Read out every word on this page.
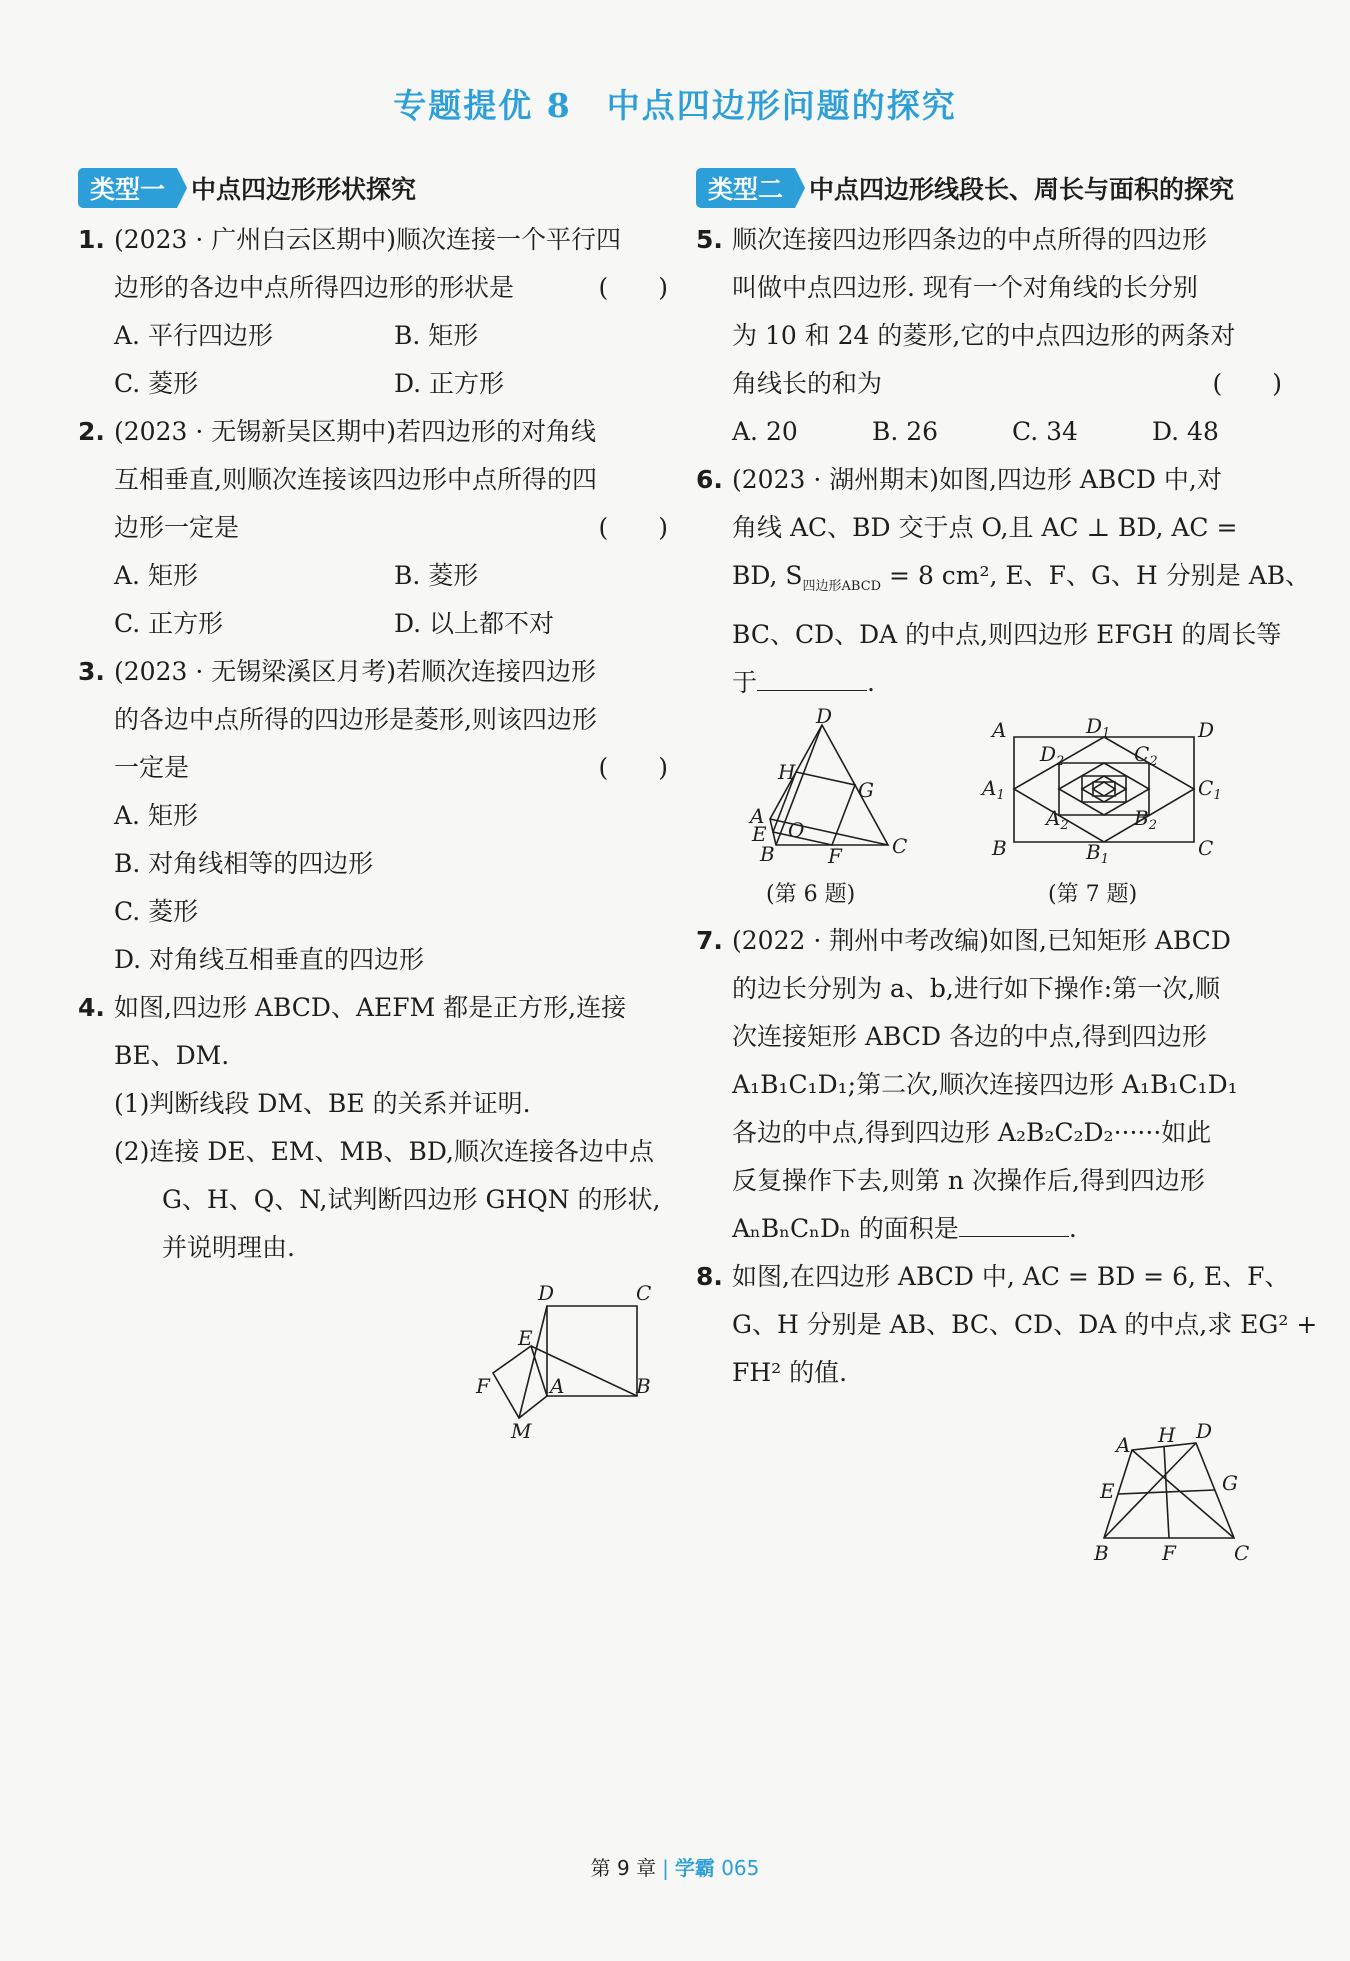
专题提优 8　中点四边形问题的探究
类型一	中点四边形形状探究
1. (2023 · 广州白云区期中)顺次连接一个平行四
边形的各边中点所得四边形的形状是	(　　)
A. 平行四边形	B. 矩形
C. 菱形	D. 正方形
2. (2023 · 无锡新吴区期中)若四边形的对角线
互相垂直,则顺次连接该四边形中点所得的四
边形一定是	(　　)
A. 矩形	B. 菱形
C. 正方形	D. 以上都不对
3. (2023 · 无锡梁溪区月考)若顺次连接四边形
的各边中点所得的四边形是菱形,则该四边形
一定是	(　　)
A. 矩形
B. 对角线相等的四边形
C. 菱形
D. 对角线互相垂直的四边形
4. 如图,四边形 ABCD、AEFM 都是正方形,连接
BE、DM.
(1)判断线段 DM、BE 的关系并证明.
(2)连接 DE、EM、MB、BD,顺次连接各边中点
G、H、Q、N,试判断四边形 GHQN 的形状,
并说明理由.
D	C
E
F	A	B
M
类型二	中点四边形线段长、周长与面积的探究
5. 顺次连接四边形四条边的中点所得的四边形
叫做中点四边形. 现有一个对角线的长分别
为 10 和 24 的菱形,它的中点四边形的两条对
角线长的和为	(　　)
A. 20	B. 26	C. 34	D. 48
6. (2023 · 湖州期末)如图,四边形 ABCD 中,对
角线 AC、BD 交于点 O,且 AC ⊥ BD, AC =
BD, $S_{四边形ABCD} = 8$ cm², E、F、G、H 分别是 AB、
BC、CD、DA 的中点,则四边形 EFGH 的周长等
于	.
D
H
G
A
E O
B	F	C
(第 6 题)
A	$D_1$	D
$D_2$	$C_2$
$A_1$	$C_1$
$A_2$	$B_2$
B	$B_1$	C
(第 7 题)
7. (2022 · 荆州中考改编)如图,已知矩形 ABCD
的边长分别为 a、b,进行如下操作:第一次,顺
次连接矩形 ABCD 各边的中点,得到四边形
A₁B₁C₁D₁;第二次,顺次连接四边形 A₁B₁C₁D₁
各边的中点,得到四边形 A₂B₂C₂D₂······如此
反复操作下去,则第 n 次操作后,得到四边形
AₙBₙCₙDₙ 的面积是	.
8. 如图,在四边形 ABCD 中, AC = BD = 6, E、F、
G、H 分别是 AB、BC、CD、DA 的中点,求 EG² +
FH² 的值.
A H D
E	G
B	F	C
第 9 章 | 学霸 065
